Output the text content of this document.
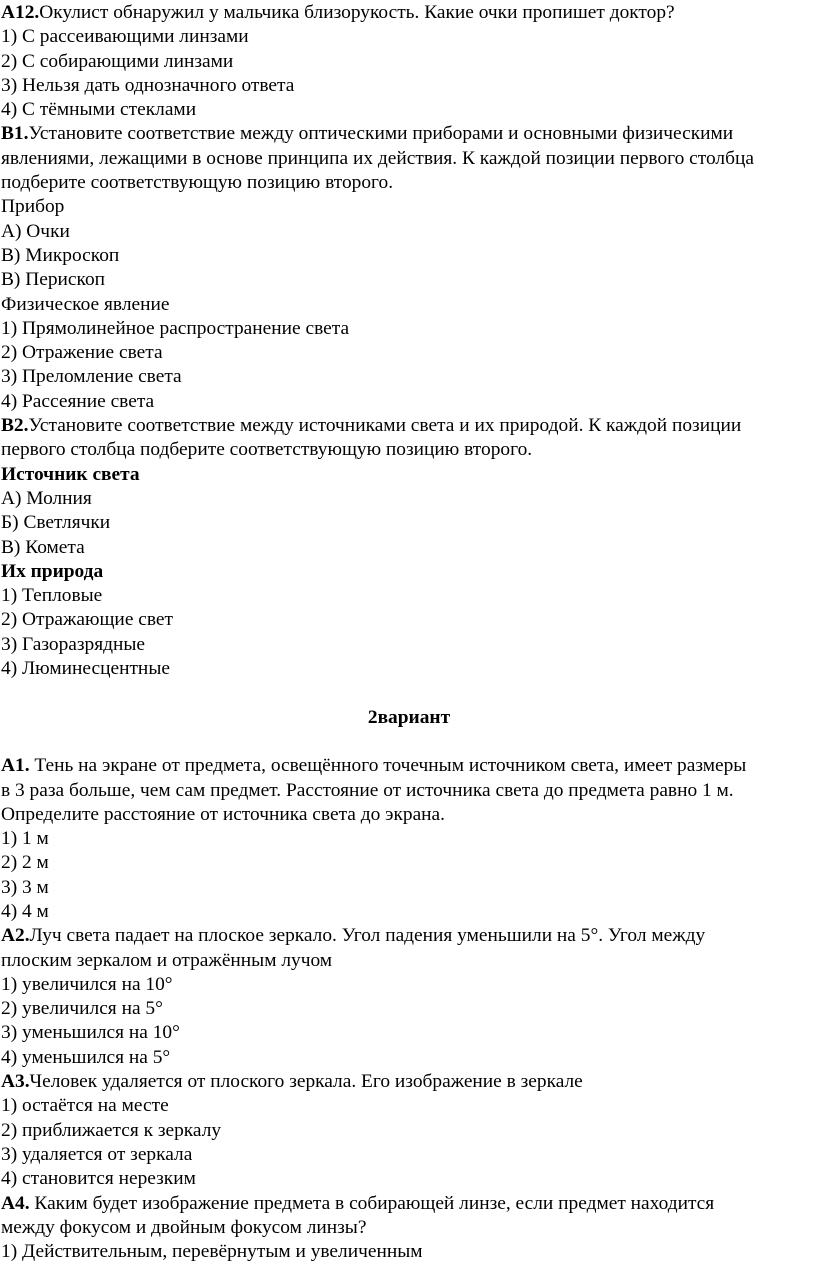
A12.Окулист обнаружил у мальчика близорукость. Какие очки пропишет доктор?
1) С рассеивающими линзами
2) С собирающими линзами
3) Нельзя дать однозначного ответа
4) С тёмными стеклами
B1.Установите соответствие между оптическими приборами и основными физическими
явлениями, лежащими в основе принципа их действия. К каждой позиции первого столбца
подберите соответствующую позицию второго.
Прибор
А) Очки
В) Микроскоп
В) Перископ
Физическое явление
1) Прямолинейное распространение света
2) Отражение света
3) Преломление света
4) Рассеяние света
B2.Установите соответствие между источниками света и их природой. К каждой позиции
первого столбца подберите соответствующую позицию второго.
Источник света
А) Молния
Б) Светлячки
В) Комета
Их природа
1) Тепловые
2) Отражающие свет
3) Газоразрядные
4) Люминесцентные
2вариант
А1. Тень на экране от предмета, освещённого точечным источником света, имеет размеры
в 3 раза больше, чем сам предмет. Расстояние от источника света до предмета равно 1 м.
Определите расстояние от источника света до экрана.
1) 1 м
2) 2 м
3) 3 м
4) 4 м
А2.Луч света падает на плоское зеркало. Угол падения уменьшили на 5°. Угол между
плоским зеркалом и отражённым лучом
1) увеличился на 10°
2) увеличился на 5°
3) уменьшился на 10°
4) уменьшился на 5°
А3.Человек удаляется от плоского зеркала. Его изображение в зеркале
1) остаётся на месте
2) приближается к зеркалу
3) удаляется от зеркала
4) становится нерезким
А4. Каким будет изображение предмета в собирающей линзе, если предмет находится
между фокусом и двойным фокусом линзы?
1) Действительным, перевёрнутым и увеличенным
